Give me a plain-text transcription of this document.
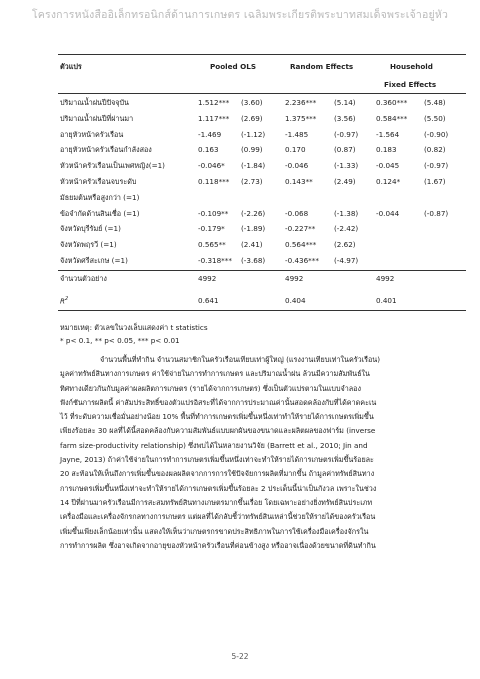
โครงการหนังสืออิเล็กทรอนิกส์ด้านการเกษตร เฉลิมพระเกียรติพระบาทสมเด็จพระเจ้าอยู่หัว
ตัวแปร	Pooled OLS	Random Effects	Household
Fixed Effects
ปริมาณน้ำฝนปีปัจจุบัน	1.512*** (3.60)	2.236*** (5.14)	0.360*** (5.48)
ปริมาณน้ำฝนปีที่ผ่านมา	1.117*** (2.69)	1.375*** (3.56)	0.584*** (5.50)
อายุหัวหน้าครัวเรือน	-1.469	(-1.12)	-1.485	(-0.97) -1.564	(-0.90)
อายุหัวหน้าครัวเรือนกำลังสอง	0.163	(0.99)	0.170	(0.87)	0.183	(0.82)
หัวหน้าครัวเรือนเป็นเพศหญิง(=1)	-0.046* (-1.84)	-0.046	(-1.33) -0.045	(-0.97)
หัวหน้าครัวเรือนจบระดับ	0.118*** (2.73)	0.143**	(2.49)	0.124*	(1.67)
มัธยมต้นหรือสูงกว่า (=1)
ข้อจำกัดด้านสินเชื่อ (=1)	-0.109** (-2.26)	-0.068	(-1.38) -0.044	(-0.87)
จังหวัดบุรีรัมย์ (=1)	-0.179* (-1.89)	-0.227**	(-2.42)
จังหวัดพฤรวี (=1)	0.565** (2.41)	0.564*** (2.62)
จังหวัดศรีสะเกษ (=1)	-0.318*** (-3.68)	-0.436*** (-4.97)
จำนวนตัวอย่าง	4992	4992	4992
$R^2$	0.641	0.404	0.401
หมายเหตุ: ตัวเลขในวงเล็บแสดงค่า t statistics
* p< 0.1, ** p< 0.05, *** p< 0.01
จำนวนพื้นที่ทำกิน จำนวนสมาชิกในครัวเรือนเทียบเท่าผู้ใหญ่ (แรงงานเทียบเท่าในครัวเรือน)
มูลค่าทรัพย์สินทางการเกษตร ค่าใช้จ่ายในการทำการเกษตร และปริมาณน้ำฝน ล้วนมีความสัมพันธ์ใน
ทิศทางเดียวกันกับมูลค่าผลผลิตการเกษตร (รายได้จากการเกษตร) ซึ่งเป็นตัวแปรตามในแบบจำลอง
ฟังก์ชันการผลิตนี้ ค่าสัมประสิทธิ์ของตัวแปรอิสระที่ได้จากการประมาณค่านั้นสอดคล้องกับที่ได้คาดคะเน
ไว้ ที่ระดับความเชื่อมั่นอย่างน้อย 10% พื้นที่ทำการเกษตรเพิ่มขึ้นหนึ่งเท่าทำให้รายได้การเกษตรเพิ่มขึ้น
เพียงร้อยละ 30 ผลที่ได้นี้สอดคล้องกับความสัมพันธ์แบบผกผันของขนาดและผลิตผลของฟาร์ม (inverse
farm size-productivity relationship) ซึ่งพบได้ในหลายงานวิจัย (Barrett et al., 2010; Jin and
Jayne, 2013) ถ้าค่าใช้จ่ายในการทำการเกษตรเพิ่มขึ้นหนึ่งเท่าจะทำให้รายได้การเกษตรเพิ่มขึ้นร้อยละ
20 สะท้อนให้เห็นถึงการเพิ่มขึ้นของผลผลิตจากการการใช้ปัจจัยการผลิตที่มากขึ้น ถ้ามูลค่าทรัพย์สินทาง
การเกษตรเพิ่มขึ้นหนึ่งเท่าจะทำให้รายได้การเกษตรเพิ่มขึ้นร้อยละ 2 ประเด็นนี้น่าเป็นกังวล เพราะในช่วง
14 ปีที่ผ่านมาครัวเรือนมีการสะสมทรัพย์สินทางเกษตรมากขึ้นเรื่อย โดยเฉพาะอย่างยิ่งทรัพย์สินประเภท
เครื่องมือและเครื่องจักรกลทางการเกษตร แต่ผลที่ได้กลับชี้ว่าทรัพย์สินเหล่านี้ช่วยให้รายได้ของครัวเรือน
เพิ่มขึ้นเพียงเล็กน้อยเท่านั้น แสดงให้เห็นว่าเกษตรกรขาดประสิทธิภาพในการใช้เครื่องมือเครื่องจักรใน
การทำการผลิต ซึ่งอาจเกิดจากอายุของหัวหน้าครัวเรือนที่ค่อนข้างสูง หรืออาจเนื่องด้วยขนาดที่ดินทำกิน
5-22
